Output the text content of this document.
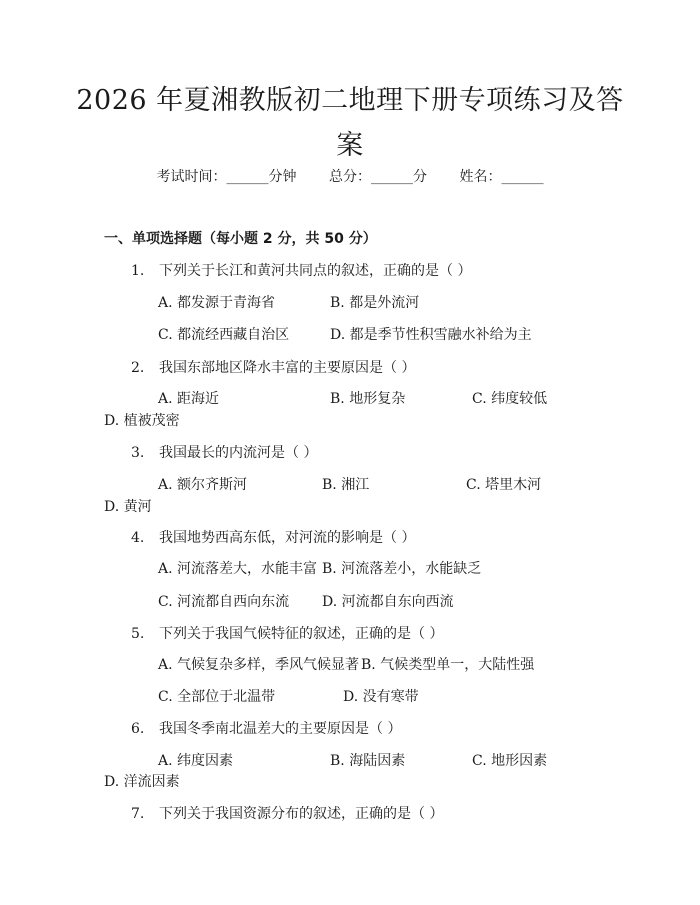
2026 年夏湘教版初二地理下册专项练习及答
案
考试时间：______分钟 总分：______分 姓名：______
一、单项选择题（每小题 2 分，共 50 分）
1. 下列关于长江和黄河共同点的叙述，正确的是（ ）
A. 都发源于青海省	B. 都是外流河
C. 都流经西藏自治区	D. 都是季节性积雪融水补给为主
2. 我国东部地区降水丰富的主要原因是（ ）
A. 距海近	B. 地形复杂	C. 纬度较低
D. 植被茂密
3. 我国最长的内流河是（ ）
A. 额尔齐斯河	B. 湘江	C. 塔里木河
D. 黄河
4. 我国地势西高东低，对河流的影响是（ ）
A. 河流落差大，水能丰富 B. 河流落差小，水能缺乏
C. 河流都自西向东流 D. 河流都自东向西流
5. 下列关于我国气候特征的叙述，正确的是（ ）
A. 气候复杂多样，季风气候显著 B. 气候类型单一，大陆性强
C. 全部位于北温带	D. 没有寒带
6. 我国冬季南北温差大的主要原因是（ ）
A. 纬度因素	B. 海陆因素	C. 地形因素
D. 洋流因素
7. 下列关于我国资源分布的叙述，正确的是（ ）
